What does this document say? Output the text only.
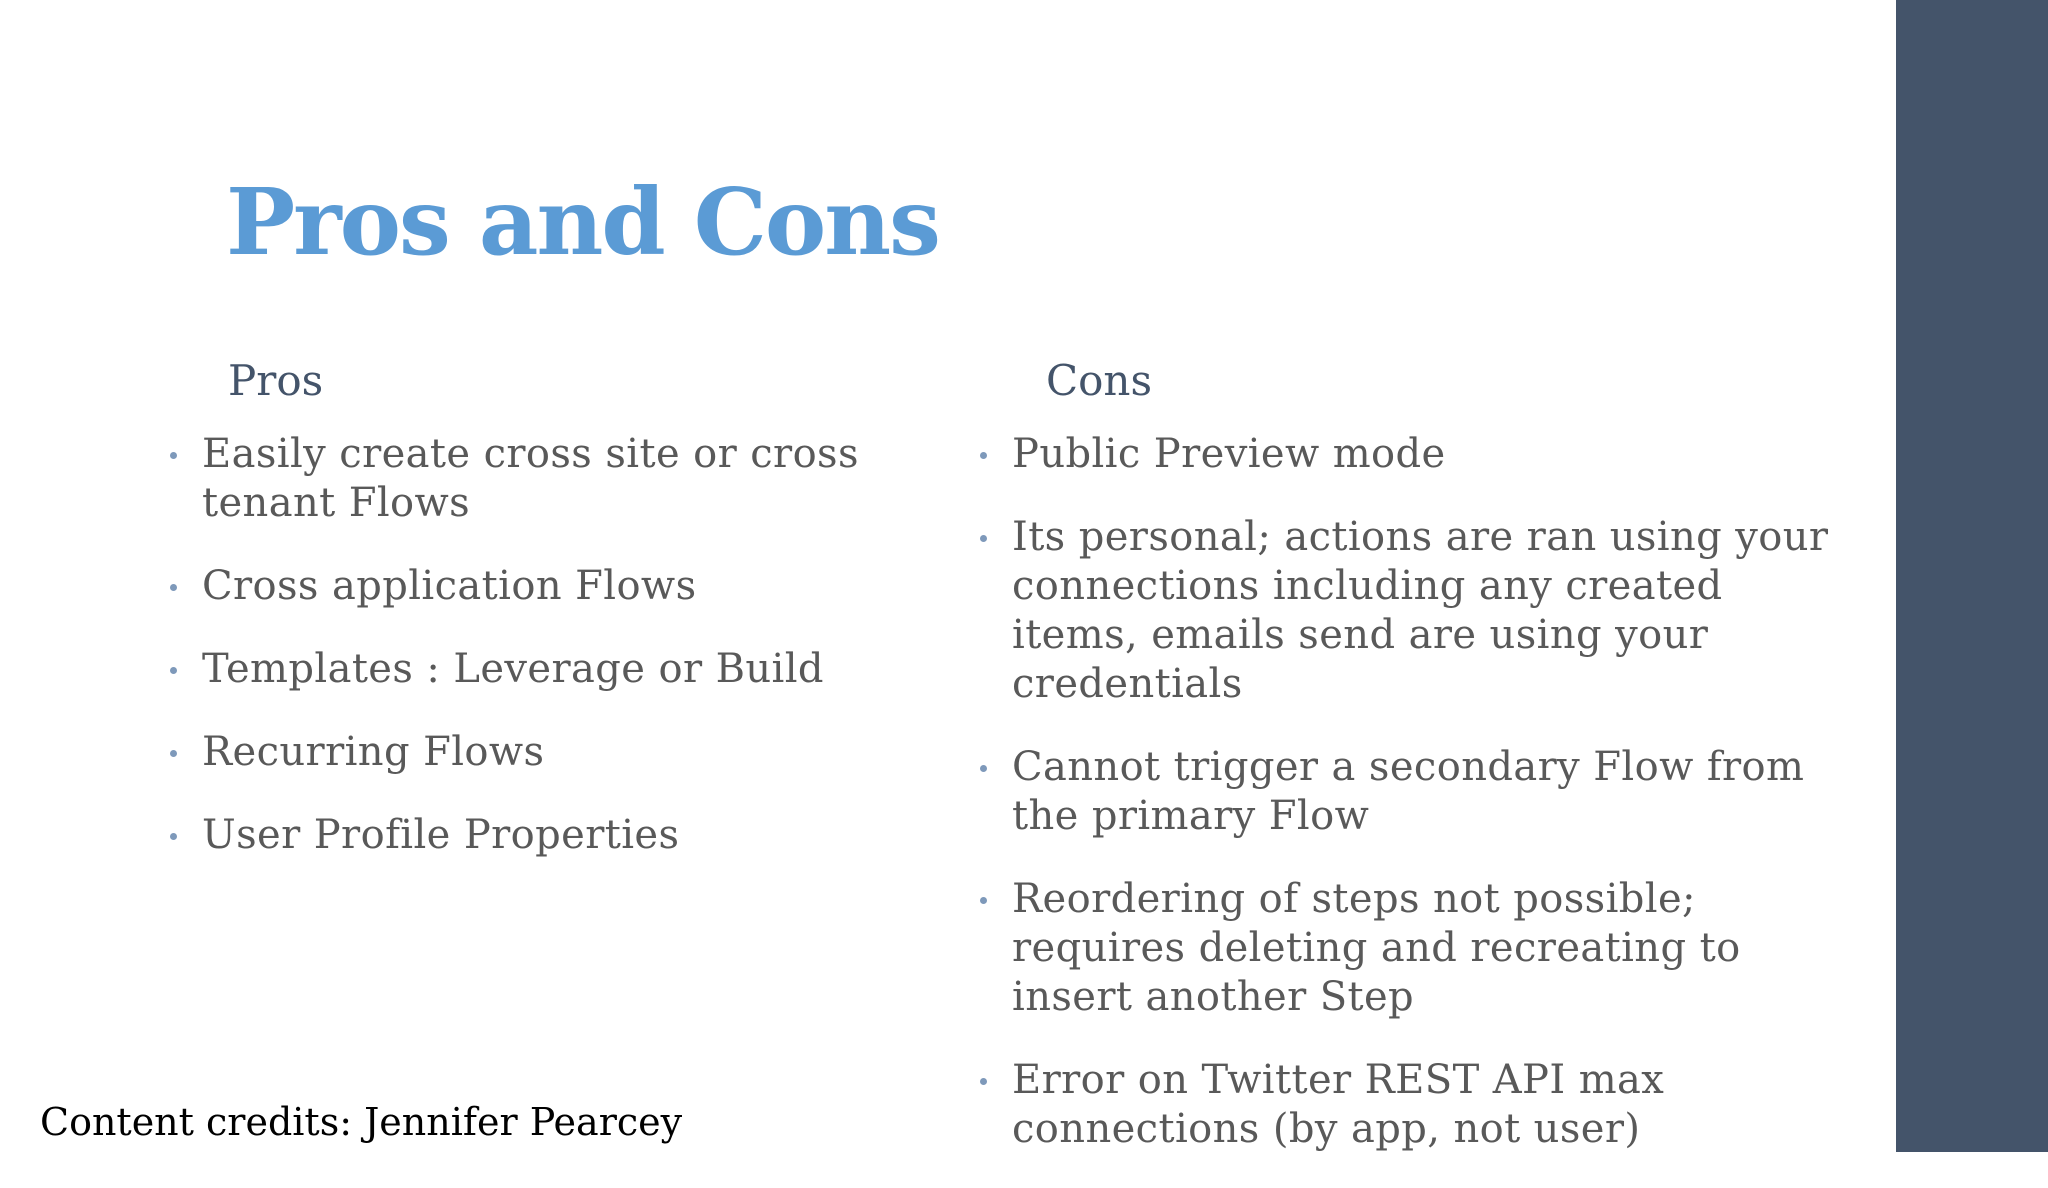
Pros and Cons
Pros	Cons
Easily create cross site or cross tenant Flows
Cross application Flows
Templates : Leverage or Build
Recurring Flows
User Profile Properties
Public Preview mode
Its personal; actions are ran using your connections including any created items, emails send are using your credentials
Cannot trigger a secondary Flow from the primary Flow
Reordering of steps not possible; requires deleting and recreating to insert another Step
Error on Twitter REST API max connections (by app, not user)
Content credits: Jennifer Pearcey
